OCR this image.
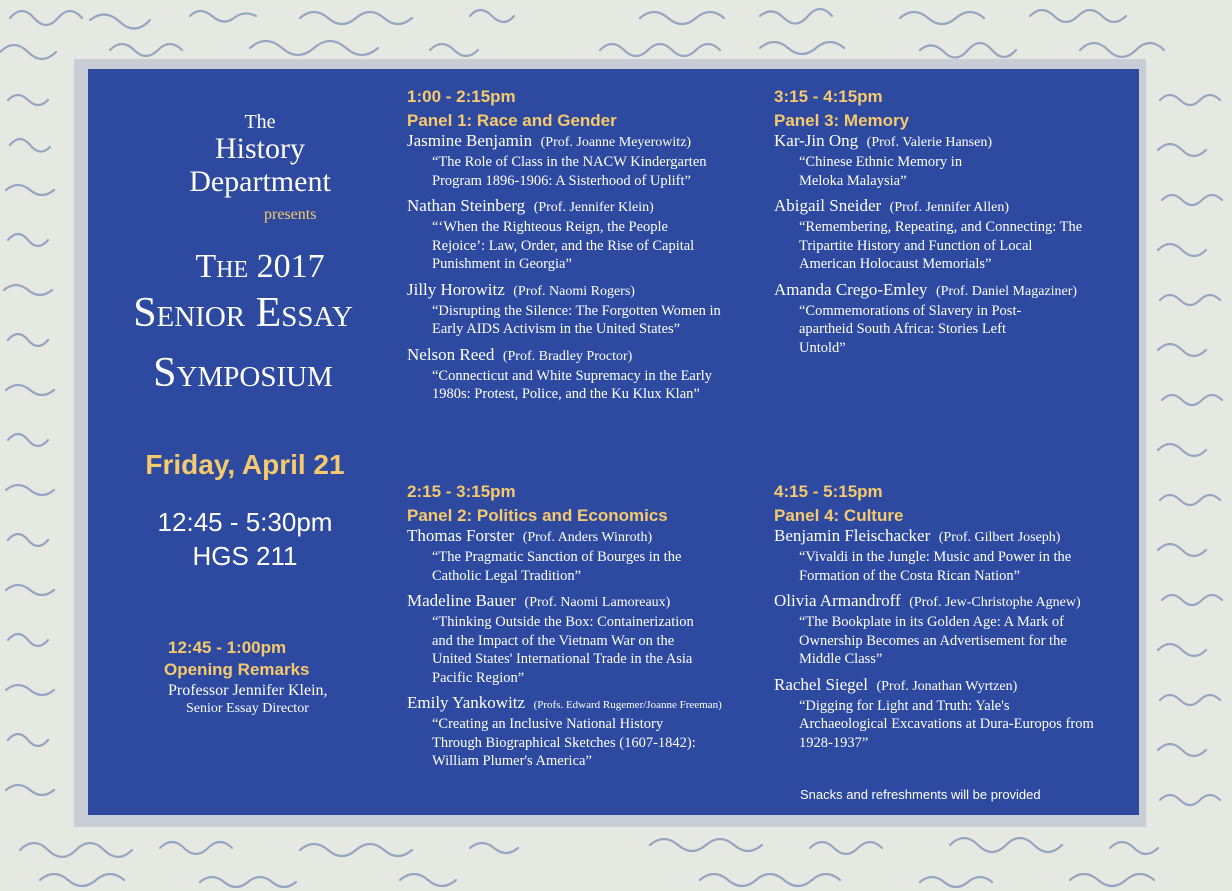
The
History
Department
presents
The 2017
Senior Essay
Symposium
Friday, April 21
12:45 - 5:30pm
HGS 211
12:45 - 1:00pm
Opening Remarks
Professor Jennifer Klein,
Senior Essay Director
1:00 - 2:15pm
Panel 1: Race and Gender
Jasmine Benjamin (Prof. Joanne Meyerowitz)
“The Role of Class in the NACW Kindergarten Program 1896-1906: A Sisterhood of Uplift”
Nathan Steinberg (Prof. Jennifer Klein)
“‘When the Righteous Reign, the People Rejoice’: Law, Order, and the Rise of Capital Punishment in Georgia”
Jilly Horowitz (Prof. Naomi Rogers)
“Disrupting the Silence: The Forgotten Women in Early AIDS Activism in the United States”
Nelson Reed (Prof. Bradley Proctor)
“Connecticut and White Supremacy in the Early 1980s: Protest, Police, and the Ku Klux Klan”
2:15 - 3:15pm
Panel 2: Politics and Economics
Thomas Forster (Prof. Anders Winroth)
“The Pragmatic Sanction of Bourges in the Catholic Legal Tradition”
Madeline Bauer (Prof. Naomi Lamoreaux)
“Thinking Outside the Box: Containerization and the Impact of the Vietnam War on the United States' International Trade in the Asia Pacific Region”
Emily Yankowitz (Profs. Edward Rugemer/Joanne Freeman)
“Creating an Inclusive National History Through Biographical Sketches (1607-1842): William Plumer's America”
3:15 - 4:15pm
Panel 3: Memory
Kar-Jin Ong (Prof. Valerie Hansen)
“Chinese Ethnic Memory in Meloka Malaysia”
Abigail Sneider (Prof. Jennifer Allen)
“Remembering, Repeating, and Connecting: The Tripartite History and Function of Local American Holocaust Memorials”
Amanda Crego-Emley (Prof. Daniel Magaziner)
“Commemorations of Slavery in Post-apartheid South Africa: Stories Left Untold”
4:15 - 5:15pm
Panel 4: Culture
Benjamin Fleischacker (Prof. Gilbert Joseph)
“Vivaldi in the Jungle: Music and Power in the Formation of the Costa Rican Nation”
Olivia Armandroff (Prof. Jew-Christophe Agnew)
“The Bookplate in its Golden Age: A Mark of Ownership Becomes an Advertisement for the Middle Class”
Rachel Siegel (Prof. Jonathan Wyrtzen)
“Digging for Light and Truth: Yale's Archaeological Excavations at Dura-Europos from 1928-1937”
Snacks and refreshments will be provided
